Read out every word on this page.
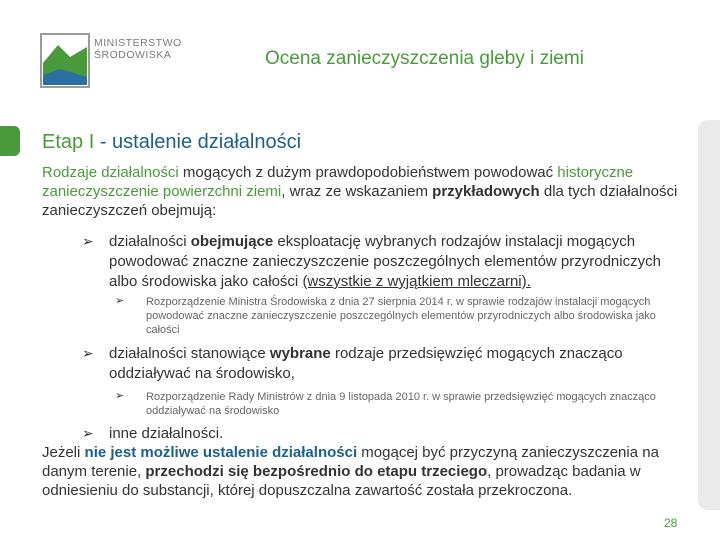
MINISTERSTWO
ŚRODOWISKA	Ocena zanieczyszczenia gleby i ziemi
Etap I - ustalenie działalności
Rodzaje działalności mogących z dużym prawdopodobieństwem powodować historyczne zanieczyszczenie powierzchni ziemi, wraz ze wskazaniem przykładowych dla tych działalności zanieczyszczeń obejmują:
➢ działalności obejmujące eksploatację wybranych rodzajów instalacji mogących powodować znaczne zanieczyszczenie poszczególnych elementów przyrodniczych albo środowiska jako całości (wszystkie z wyjątkiem mleczarni).
➢ Rozporządzenie Ministra Środowiska z dnia 27 sierpnia 2014 r. w sprawie rodzajów instalacji mogących powodować znaczne zanieczyszczenie poszczególnych elementów przyrodniczych albo środowiska jako całości
➢ działalności stanowiące wybrane rodzaje przedsięwzięć mogących znacząco oddziaływać na środowisko,
➢ Rozporządzenie Rady Ministrów z dnia 9 listopada 2010 r. w sprawie przedsięwzięć mogących znacząco oddziaływać na środowisko
➢ inne działalności.
Jeżeli nie jest możliwe ustalenie działalności mogącej być przyczyną zanieczyszczenia na danym terenie, przechodzi się bezpośrednio do etapu trzeciego, prowadząc badania w odniesieniu do substancji, której dopuszczalna zawartość została przekroczona.
28
